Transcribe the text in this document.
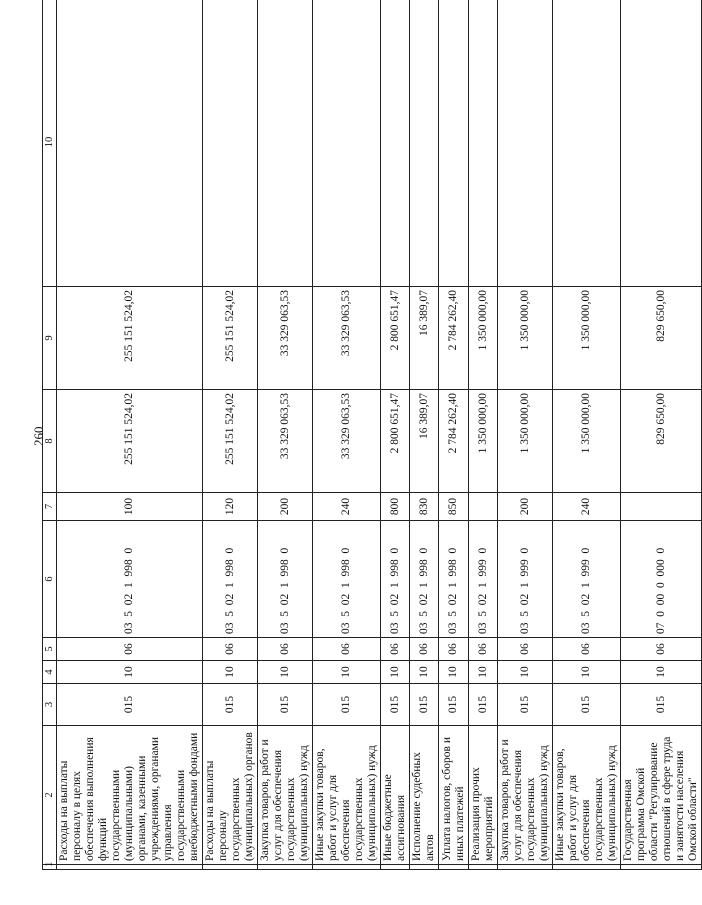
260
1	2	3	4	5	6	7	8	9	10
	Расходы на выплаты персоналу в целях обеспечения выполнения функций государственными (муниципальными) органами, казенными учреждениями, органами управления государственными внебюджетными фондами	015	10	06	03  5  02  1  998  0	100	255 151 524,02	255 151 524,02	
	Расходы на выплаты персоналу государственных (муниципальных) органов	015	10	06	03  5  02  1  998  0	120	255 151 524,02	255 151 524,02	
	Закупка товаров, работ и услуг для обеспечения государственных (муниципальных) нужд	015	10	06	03  5  02  1  998  0	200	33 329 063,53	33 329 063,53	
	Иные закупки товаров, работ и услуг для обеспечения государственных (муниципальных) нужд	015	10	06	03  5  02  1  998  0	240	33 329 063,53	33 329 063,53	
	Иные бюджетные ассигнования	015	10	06	03  5  02  1  998  0	800	2 800 651,47	2 800 651,47	
	Исполнение судебных актов	015	10	06	03  5  02  1  998  0	830	16 389,07	16 389,07	
	Уплата налогов, сборов и иных платежей	015	10	06	03  5  02  1  998  0	850	2 784 262,40	2 784 262,40	
	Реализация прочих мероприятий	015	10	06	03  5  02  1  999  0		1 350 000,00	1 350 000,00	
	Закупка товаров, работ и услуг для обеспечения государственных (муниципальных) нужд	015	10	06	03  5  02  1  999  0	200	1 350 000,00	1 350 000,00	
	Иные закупки товаров, работ и услуг для обеспечения государственных (муниципальных) нужд	015	10	06	03  5  02  1  999  0	240	1 350 000,00	1 350 000,00	
	Государственная программа Омской области "Регулирование отношений в сфере труда и занятости населения Омской области"	015	10	06	07  0  00  0  000  0		829 650,00	829 650,00	
